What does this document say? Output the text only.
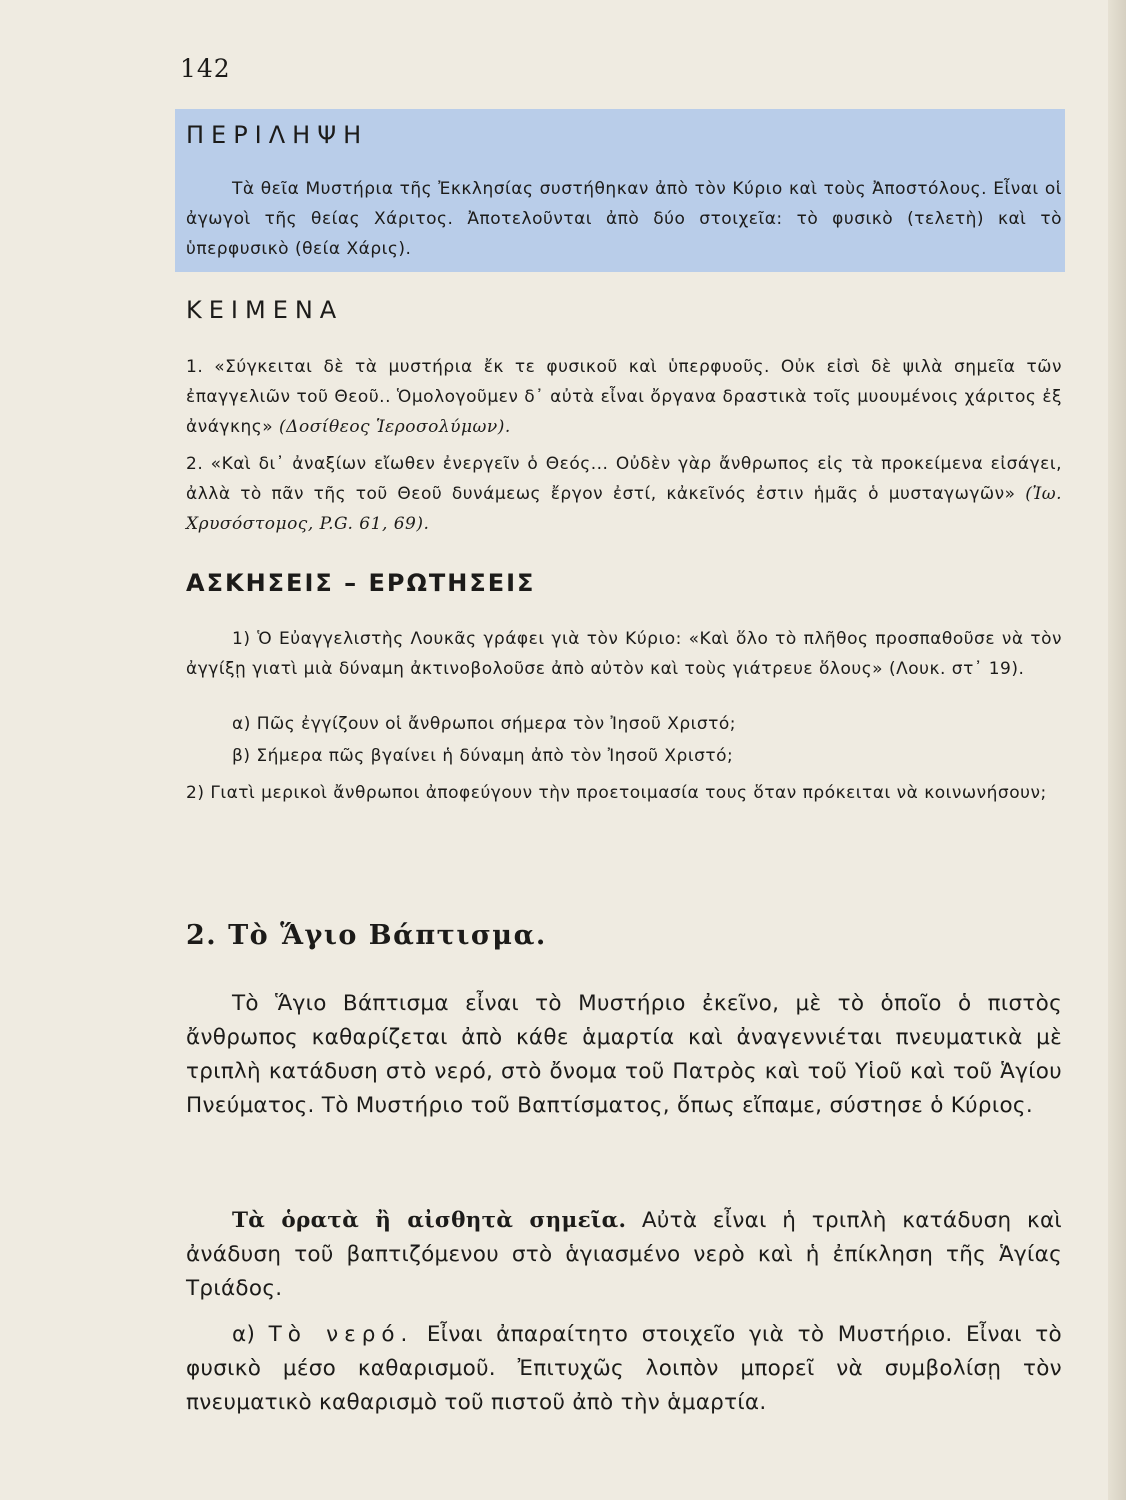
142
ΠΕΡΙΛΗΨΗ

Τὰ θεῖα Μυστήρια τῆς Ἐκκλησίας συστήθηκαν ἀπὸ τὸν Κύριο καὶ τοὺς Ἀποστόλους. Εἶναι οἱ ἀγωγοὶ τῆς θείας Χάριτος. Ἀποτελοῦνται ἀπὸ δύο στοιχεῖα: τὸ φυσικὸ (τελετὴ) καὶ τὸ ὑπερφυσικὸ (θεία Χάρις).

ΚΕΙΜΕΝΑ

1. «Σύγκειται δὲ τὰ μυστήρια ἔκ τε φυσικοῦ καὶ ὑπερφυοῦς. Οὐκ εἰσὶ δὲ ψιλὰ σημεῖα τῶν ἐπαγγελιῶν τοῦ Θεοῦ.. Ὁμολογοῦμεν δ᾽ αὐτὰ εἶναι ὄργανα δραστικὰ τοῖς μυουμένοις χάριτος ἐξ ἀνάγκης» (Δοσίθεος Ἱεροσολύμων).

2. «Καὶ δι᾽ ἀναξίων εἴωθεν ἐνεργεῖν ὁ Θεός... Οὐδὲν γὰρ ἄνθρωπος εἰς τὰ προκείμενα εἰσάγει, ἀλλὰ τὸ πᾶν τῆς τοῦ Θεοῦ δυνάμεως ἔργον ἐστί, κἀκεῖνός ἐστιν ἡμᾶς ὁ μυσταγωγῶν» (Ἰω. Χρυσόστομος, P.G. 61, 69).

ΑΣΚΗΣΕΙΣ – ΕΡΩΤΗΣΕΙΣ

1) Ὁ Εὐαγγελιστὴς Λουκᾶς γράφει γιὰ τὸν Κύριο: «Καὶ ὅλο τὸ πλῆθος προσπαθοῦσε νὰ τὸν ἀγγίξῃ γιατὶ μιὰ δύναμη ἀκτινοβολοῦσε ἀπὸ αὐτὸν καὶ τοὺς γιάτρευε ὅλους» (Λουκ. στ᾽ 19).

α) Πῶς ἐγγίζουν οἱ ἄνθρωποι σήμερα τὸν Ἰησοῦ Χριστό;

β) Σήμερα πῶς βγαίνει ἡ δύναμη ἀπὸ τὸν Ἰησοῦ Χριστό;

2) Γιατὶ μερικοὶ ἄνθρωποι ἀποφεύγουν τὴν προετοιμασία τους ὅταν πρόκειται νὰ κοινωνήσουν;

2. Τὸ Ἅγιο Βάπτισμα.

Τὸ Ἅγιο Βάπτισμα εἶναι τὸ Μυστήριο ἐκεῖνο, μὲ τὸ ὁποῖο ὁ πιστὸς ἄνθρωπος καθαρίζεται ἀπὸ κάθε ἁμαρτία καὶ ἀναγεννιέται πνευματικὰ μὲ τριπλὴ κατάδυση στὸ νερό, στὸ ὄνομα τοῦ Πατρὸς καὶ τοῦ Υἱοῦ καὶ τοῦ Ἁγίου Πνεύματος. Τὸ Μυστήριο τοῦ Βαπτίσματος, ὅπως εἴπαμε, σύστησε ὁ Κύριος.

Τὰ ὁρατὰ ἢ αἰσθητὰ σημεῖα. Αὐτὰ εἶναι ἡ τριπλὴ κατάδυση καὶ ἀνάδυση τοῦ βαπτιζόμενου στὸ ἁγιασμένο νερὸ καὶ ἡ ἐπίκληση τῆς Ἁγίας Τριάδος.

α) Τὸ νερό. Εἶναι ἀπαραίτητο στοιχεῖο γιὰ τὸ Μυστήριο. Εἶναι τὸ φυσικὸ μέσο καθαρισμοῦ. Ἐπιτυχῶς λοιπὸν μπορεῖ νὰ συμβολίσῃ τὸν πνευματικὸ καθαρισμὸ τοῦ πιστοῦ ἀπὸ τὴν ἁμαρτία.
